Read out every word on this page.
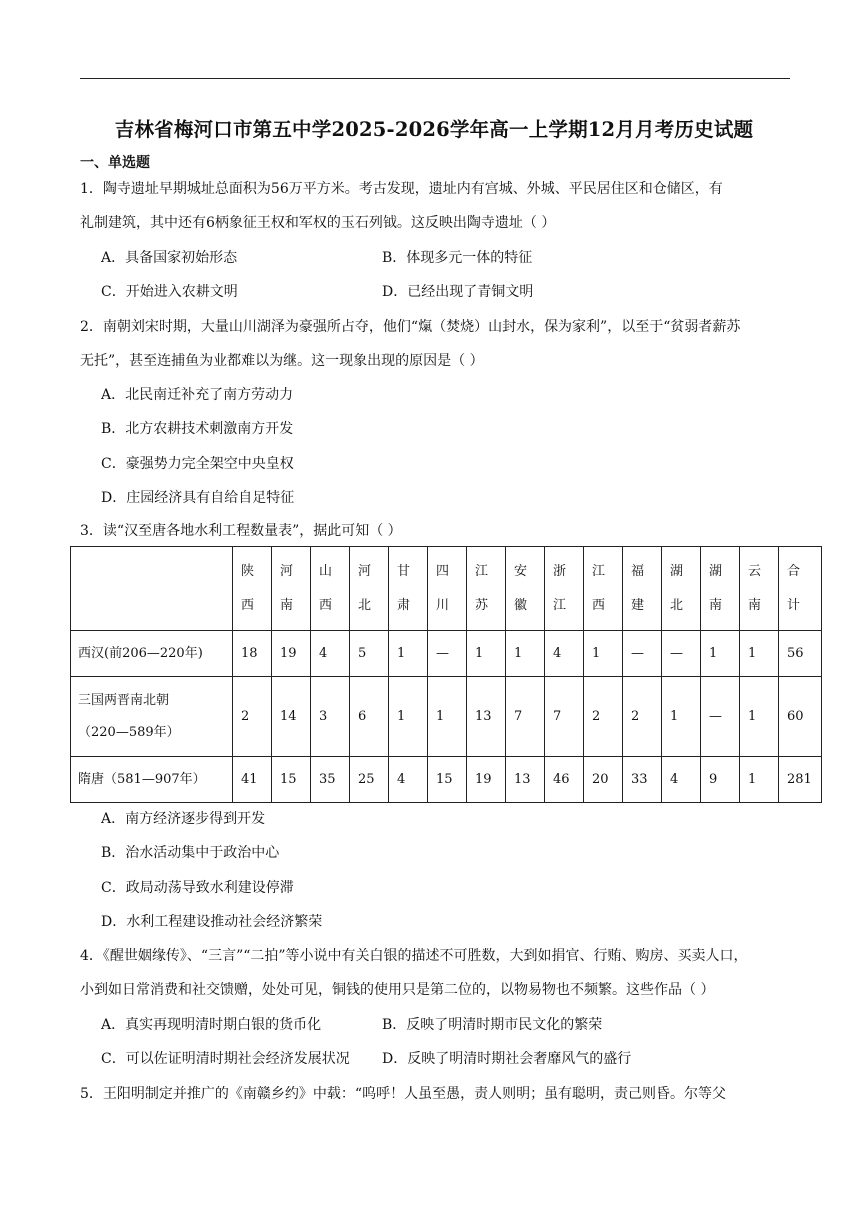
吉林省梅河口市第五中学2025-2026学年高一上学期12月月考历史试题
一、单选题
1．陶寺遗址早期城址总面积为56万平方米。考古发现，遗址内有宫城、外城、平民居住区和仓储区，有
礼制建筑，其中还有6柄象征王权和军权的玉石列钺。这反映出陶寺遗址（ ）
A．具备国家初始形态	B．体现多元一体的特征
C．开始进入农耕文明	D．已经出现了青铜文明
2．南朝刘宋时期，大量山川湖泽为豪强所占夺，他们“熂（焚烧）山封水，保为家利”，以至于“贫弱者薪苏
无托”，甚至连捕鱼为业都难以为继。这一现象出现的原因是（ ）
A．北民南迁补充了南方劳动力
B．北方农耕技术刺激南方开发
C．豪强势力完全架空中央皇权
D．庄园经济具有自给自足特征
3．读“汉至唐各地水利工程数量表”，据此可知（ ）

	陕西	河南	山西	河北	甘肃	四川	江苏	安徽	浙江	江西	福建	湖北	湖南	云南	合计

西汉(前206—220年)	18	19	4	5	1	—	1	1	4	1	—	—	1	1	56

三国两晋南北朝
（220—589年）	2	14	3	6	1	1	13	7	7	2	2	1	—	1	60
隋唐（581—907年）	41	15	35	25	4	15	19	13	46	20	33	4	9	1	281
A．南方经济逐步得到开发
B．治水活动集中于政治中心
C．政局动荡导致水利建设停滞
D．水利工程建设推动社会经济繁荣
4．《醒世姻缘传》、“三言”“二拍”等小说中有关白银的描述不可胜数，大到如捐官、行贿、购房、买卖人口，
小到如日常消费和社交馈赠，处处可见，铜钱的使用只是第二位的，以物易物也不频繁。这些作品（ ）
A．真实再现明清时期白银的货币化	B．反映了明清时期市民文化的繁荣
C．可以佐证明清时期社会经济发展状况 D．反映了明清时期社会奢靡风气的盛行
5．王阳明制定并推广的《南赣乡约》中载：“呜呼！人虽至愚，责人则明；虽有聪明，责己则昏。尔等父
